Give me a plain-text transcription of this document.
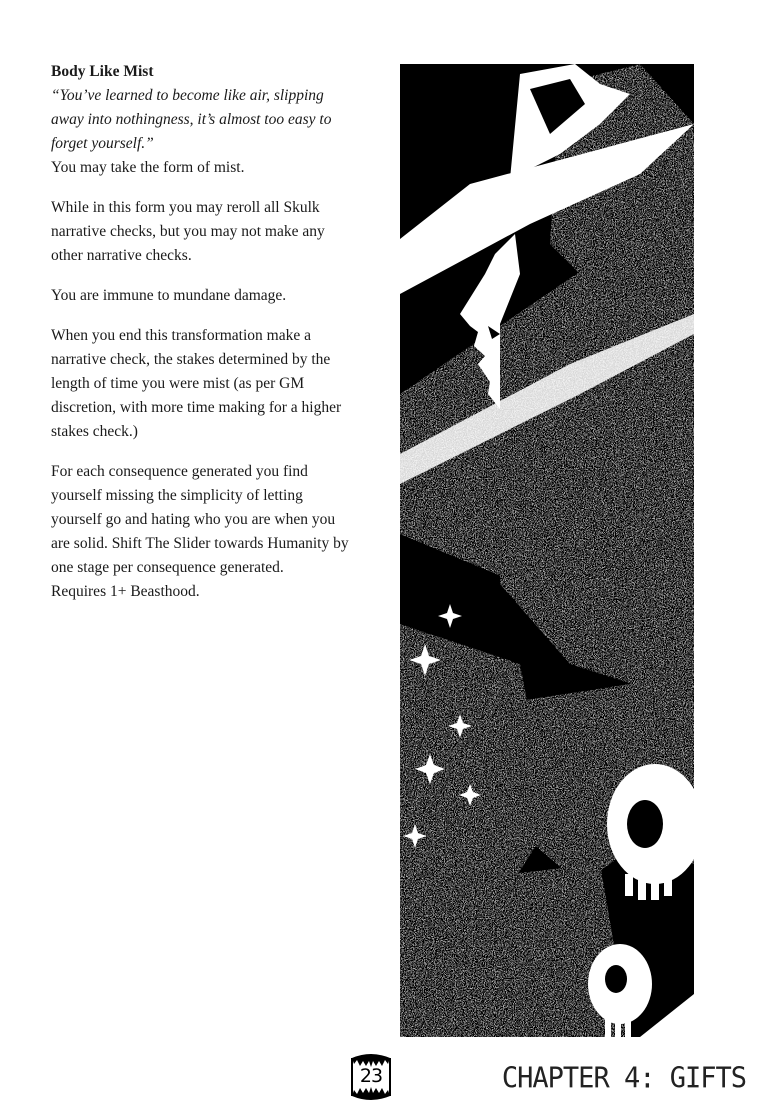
Body Like Mist
“You’ve learned to become like air, slipping away into nothingness, it’s almost too easy to forget yourself.”
You may take the form of mist.

While in this form you may reroll all Skulk narrative checks, but you may not make any other narrative checks.

You are immune to mundane damage.

When you end this transformation make a narrative check, the stakes determined by the length of time you were mist (as per GM discretion, with more time making for a higher stakes check.)

For each consequence generated you find yourself missing the simplicity of letting yourself go and hating who you are when you are solid. Shift The Slider towards Humanity by one stage per consequence generated.
Requires 1+ Beasthood.

23	CHAPTER 4: GIFTS
